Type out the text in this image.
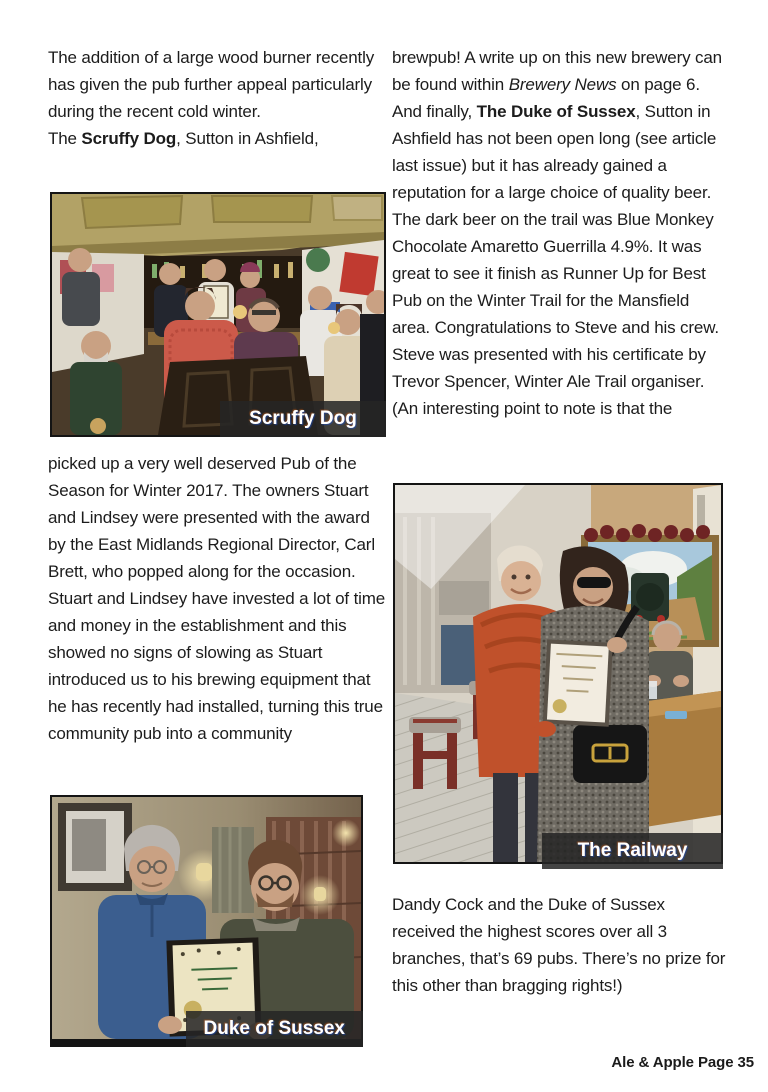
The addition of a large wood burner recently has given the pub further appeal particularly during the recent cold winter.

The Scruffy Dog, Sutton in Ashfield,

Scruffy Dog

picked up a very well deserved Pub of the Season for Winter 2017. The owners Stuart and Lindsey were presented with the award by the East Midlands Regional Director, Carl Brett, who popped along for the occasion. Stuart and Lindsey have invested a lot of time and money in the establishment and this showed no signs of slowing as Stuart introduced us to his brewing equipment that he has recently had installed, turning this true community pub into a community

Duke of Sussex

brewpub! A write up on this new brewery can be found within Brewery News on page 6.

And finally, The Duke of Sussex, Sutton in Ashfield has not been open long (see article last issue) but it has already gained a reputation for a large choice of quality beer. The dark beer on the trail was Blue Monkey Chocolate Amaretto Guerrilla 4.9%. It was great to see it finish as Runner Up for Best Pub on the Winter Trail for the Mansfield area. Congratulations to Steve and his crew. Steve was presented with his certificate by Trevor Spencer, Winter Ale Trail organiser. (An interesting point to note is that the

The Railway

Dandy Cock and the Duke of Sussex received the highest scores over all 3 branches, that’s 69 pubs. There’s no prize for this other than bragging rights!)

Ale & Apple Page 35
